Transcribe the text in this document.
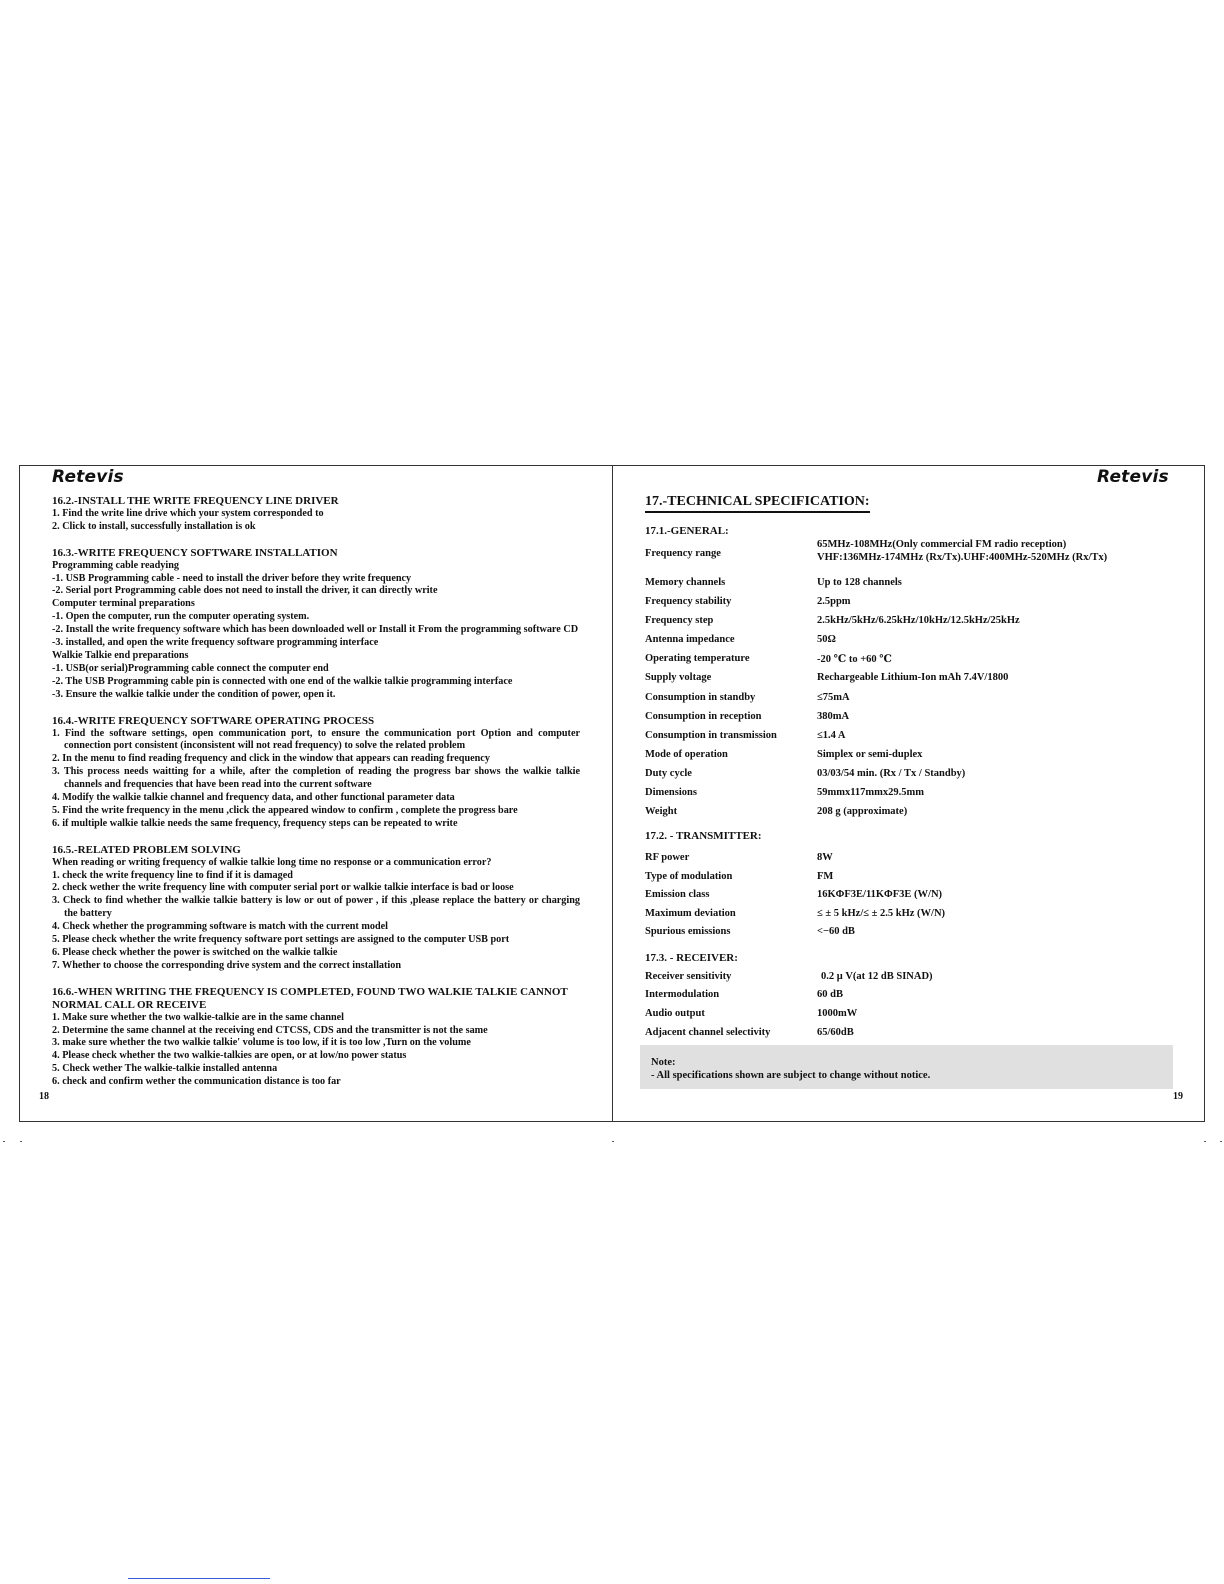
Retevis
16.2.-INSTALL THE WRITE FREQUENCY LINE DRIVER

1. Find the write line drive which your system corresponded to

2. Click to install, successfully installation is ok

16.3.-WRITE FREQUENCY SOFTWARE INSTALLATION

Programming cable readying

-1. USB Programming cable - need to install the driver before they write frequency

-2. Serial port Programming cable does not need to install the driver, it can directly write

Computer terminal preparations

-1. Open the computer, run the computer operating system.

-2. Install the write frequency software which has been downloaded well or Install it From the programming software CD

-3. installed, and open the write frequency software programming interface

Walkie Talkie end preparations

-1. USB(or serial)Programming cable connect the computer end

-2. The USB Programming cable pin is connected with one end of the walkie talkie programming interface

-3. Ensure the walkie talkie under the condition of power, open it.

16.4.-WRITE FREQUENCY SOFTWARE OPERATING PROCESS

1. Find the software settings, open communication port, to ensure the communication port Option and computer connection port consistent (inconsistent will not read frequency) to solve the related problem

2. In the menu to find reading frequency and click in the window that appears can reading frequency

3. This process needs waitting for a while, after the completion of reading the progress bar shows the walkie talkie channels and frequencies that have been read into the current software

4. Modify the walkie talkie channel and frequency data, and other functional parameter data

5. Find the write frequency in the menu ,click the appeared window to confirm , complete the progress bare

6. if multiple walkie talkie needs the same frequency, frequency steps can be repeated to write

16.5.-RELATED PROBLEM SOLVING

When reading or writing frequency of walkie talkie long time no response or a communication error?

1. check the write frequency line to find if it is damaged

2. check wether the write frequency line with computer serial port or walkie talkie interface is bad or loose

3. Check to find whether the walkie talkie battery is low or out of power , if this ,please replace the battery or charging the battery

4. Check whether the programming software is match with the current model

5. Please check whether the write frequency software port settings are assigned to the computer USB port

6. Please check whether the power is switched on the walkie talkie

7. Whether to choose the corresponding drive system and the correct installation

16.6.-WHEN WRITING THE FREQUENCY IS COMPLETED, FOUND TWO WALKIE TALKIE CANNOT NORMAL CALL OR RECEIVE

1. Make sure whether the two walkie-talkie are in the same channel

2. Determine the same channel at the receiving end CTCSS, CDS and the transmitter is not the same

3. make sure whether the two walkie talkie' volume is too low, if it is too low ,Turn on the volume

4. Please check whether the two walkie-talkies are open, or at low/no power status

5. Check wether The walkie-talkie installed antenna

6. check and confirm wether the communication distance is too far

18
Retevis
17.-TECHNICAL SPECIFICATION:
17.1.-GENERAL:
Frequency range
65MHz-108MHz(Only commercial FM radio reception)
VHF:136MHz-174MHz (Rx/Tx).UHF:400MHz-520MHz (Rx/Tx)
Memory channels	Up to 128 channels
Frequency stability	2.5ppm
Frequency step	2.5kHz/5kHz/6.25kHz/10kHz/12.5kHz/25kHz
Antenna impedance	50Ω
Operating temperature	-20 ℃ to +60 ℃
Supply voltage	Rechargeable Lithium-Ion mAh 7.4V/1800
Consumption in standby	≤75mA
Consumption in reception	380mA
Consumption in transmission	≤1.4 A
Mode of operation	Simplex or semi-duplex
Duty cycle	03/03/54 min. (Rx / Tx / Standby)
Dimensions	59mmx117mmx29.5mm
Weight	208 g (approximate)
17.2. - TRANSMITTER:
RF power	8W
Type of modulation	FM
Emission class	16KΦF3E/11KΦF3E (W/N)
Maximum deviation	≤ ± 5 kHz/≤ ± 2.5 kHz (W/N)
Spurious emissions	<−60 dB
17.3. - RECEIVER:
Receiver sensitivity	0.2 μ V(at 12 dB SINAD)
Intermodulation	60 dB
Audio output	1000mW
Adjacent channel selectivity	65/60dB
Note:
- All specifications shown are subject to change without notice.
19
